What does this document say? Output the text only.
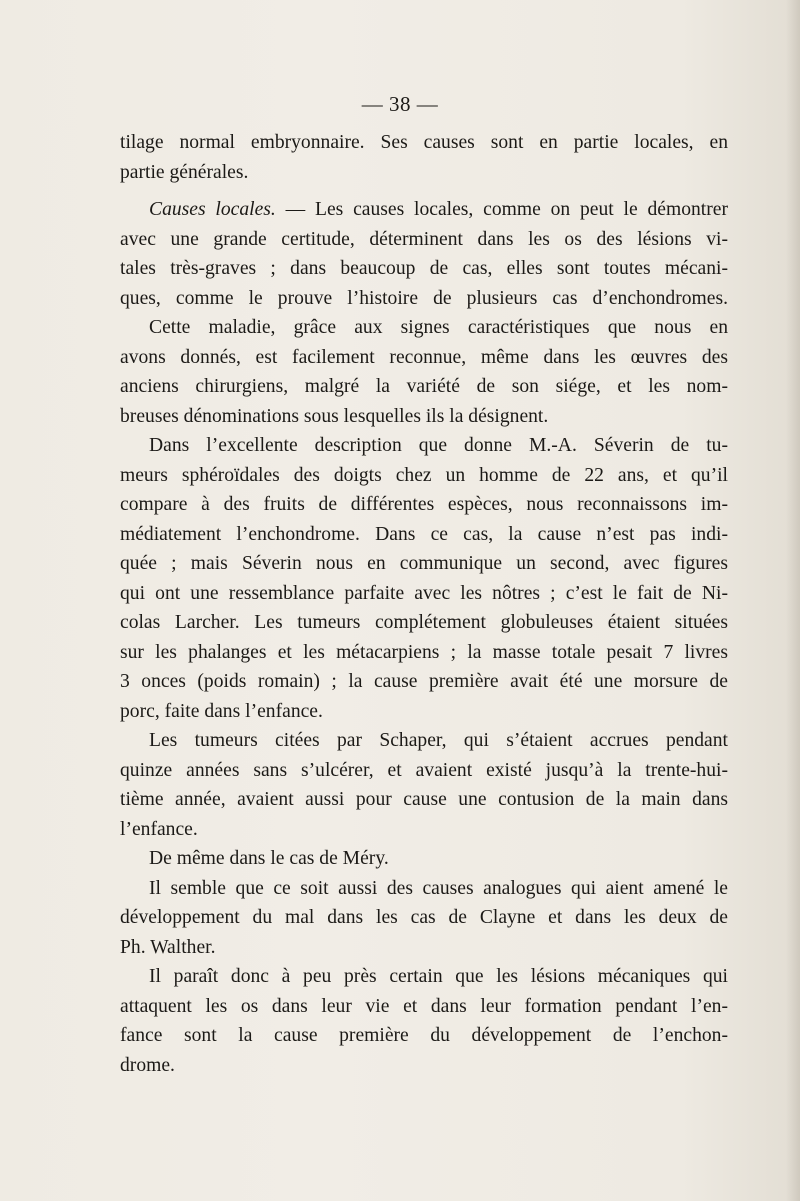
— 38 —
tilage normal embryonnaire. Ses causes sont en partie locales, en
partie générales.
Causes locales. — Les causes locales, comme on peut le démontrer
avec une grande certitude, déterminent dans les os des lésions vi-
tales très-graves ; dans beaucoup de cas, elles sont toutes mécani-
ques, comme le prouve l’histoire de plusieurs cas d’enchondromes.
Cette maladie, grâce aux signes caractéristiques que nous en
avons donnés, est facilement reconnue, même dans les œuvres des
anciens chirurgiens, malgré la variété de son siége, et les nom-
breuses dénominations sous lesquelles ils la désignent.
Dans l’excellente description que donne M.-A. Séverin de tu-
meurs sphéroïdales des doigts chez un homme de 22 ans, et qu’il
compare à des fruits de différentes espèces, nous reconnaissons im-
médiatement l’enchondrome. Dans ce cas, la cause n’est pas indi-
quée ; mais Séverin nous en communique un second, avec figures
qui ont une ressemblance parfaite avec les nôtres ; c’est le fait de Ni-
colas Larcher. Les tumeurs complétement globuleuses étaient situées
sur les phalanges et les métacarpiens ; la masse totale pesait 7 livres
3 onces (poids romain) ; la cause première avait été une morsure de
porc, faite dans l’enfance.
Les tumeurs citées par Schaper, qui s’étaient accrues pendant
quinze années sans s’ulcérer, et avaient existé jusqu’à la trente-hui-
tième année, avaient aussi pour cause une contusion de la main dans
l’enfance.
De même dans le cas de Méry.
Il semble que ce soit aussi des causes analogues qui aient amené le
développement du mal dans les cas de Clayne et dans les deux de
Ph. Walther.
Il paraît donc à peu près certain que les lésions mécaniques qui
attaquent les os dans leur vie et dans leur formation pendant l’en-
fance sont la cause première du développement de l’enchon-
drome.
